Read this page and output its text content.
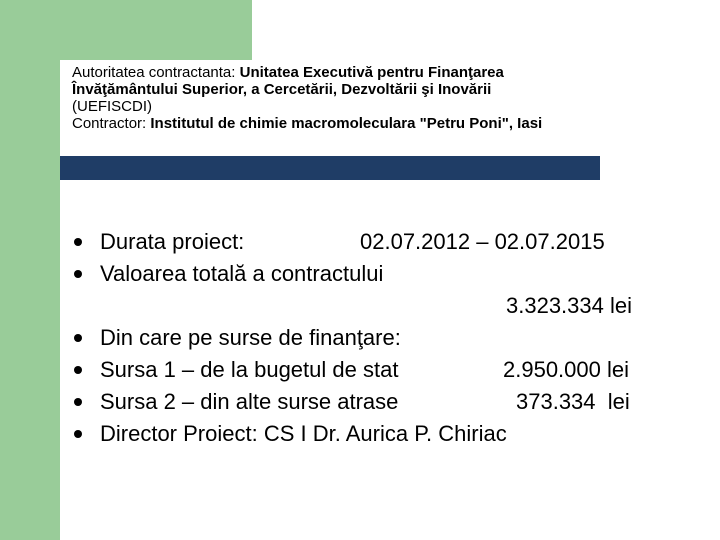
Autoritatea contractanta: Unitatea Executivă pentru Finanţarea
Învăţământului Superior, a Cercetării, Dezvoltării şi Inovării
(UEFISCDI)
Contractor: Institutul de chimie macromoleculara "Petru Poni", Iasi
Durata proiect:	02.07.2012 – 02.07.2015
Valoarea totală a contractului
3.323.334 lei
Din care pe surse de finanţare:
Sursa 1 – de la bugetul de stat	2.950.000 lei
Sursa 2 – din alte surse atrase	373.334  lei
Director Proiect: CS I Dr. Aurica P. Chiriac
